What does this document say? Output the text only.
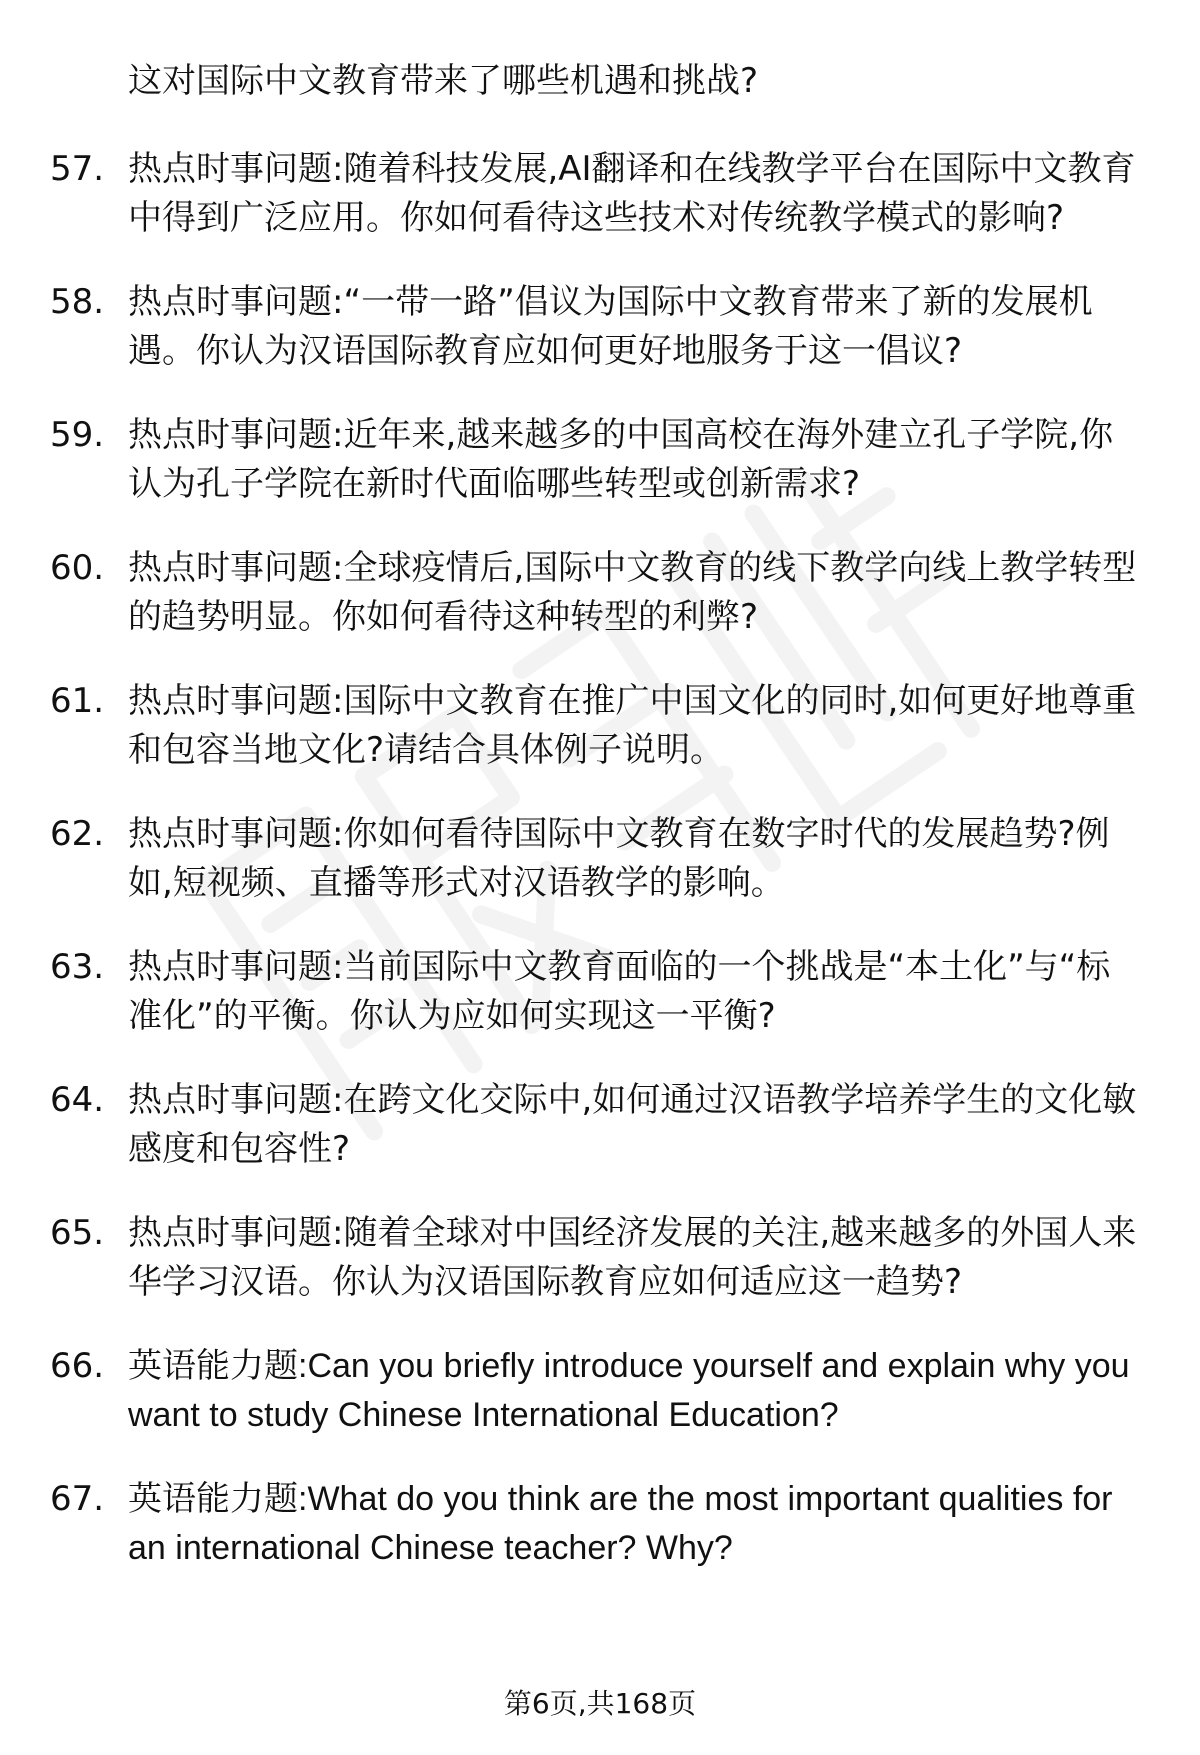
这对国际中文教育带来了哪些机遇和挑战?
57. 热点时事问题:随着科技发展,AI翻译和在线教学平台在国际中文教育中得到广泛应用。你如何看待这些技术对传统教学模式的影响?
58. 热点时事问题:“一带一路”倡议为国际中文教育带来了新的发展机遇。你认为汉语国际教育应如何更好地服务于这一倡议?
59. 热点时事问题:近年来,越来越多的中国高校在海外建立孔子学院,你认为孔子学院在新时代面临哪些转型或创新需求?
60. 热点时事问题:全球疫情后,国际中文教育的线下教学向线上教学转型的趋势明显。你如何看待这种转型的利弊?
61. 热点时事问题:国际中文教育在推广中国文化的同时,如何更好地尊重和包容当地文化?请结合具体例子说明。
62. 热点时事问题:你如何看待国际中文教育在数字时代的发展趋势?例如,短视频、直播等形式对汉语教学的影响。
63. 热点时事问题:当前国际中文教育面临的一个挑战是“本土化”与“标准化”的平衡。你认为应如何实现这一平衡?
64. 热点时事问题:在跨文化交际中,如何通过汉语教学培养学生的文化敏感度和包容性?
65. 热点时事问题:随着全球对中国经济发展的关注,越来越多的外国人来华学习汉语。你认为汉语国际教育应如何适应这一趋势?
66. 英语能力题:Can you briefly introduce yourself and explain why you want to study Chinese International Education?
67. 英语能力题:What do you think are the most important qualities for an international Chinese teacher? Why?
第6页,共168页
